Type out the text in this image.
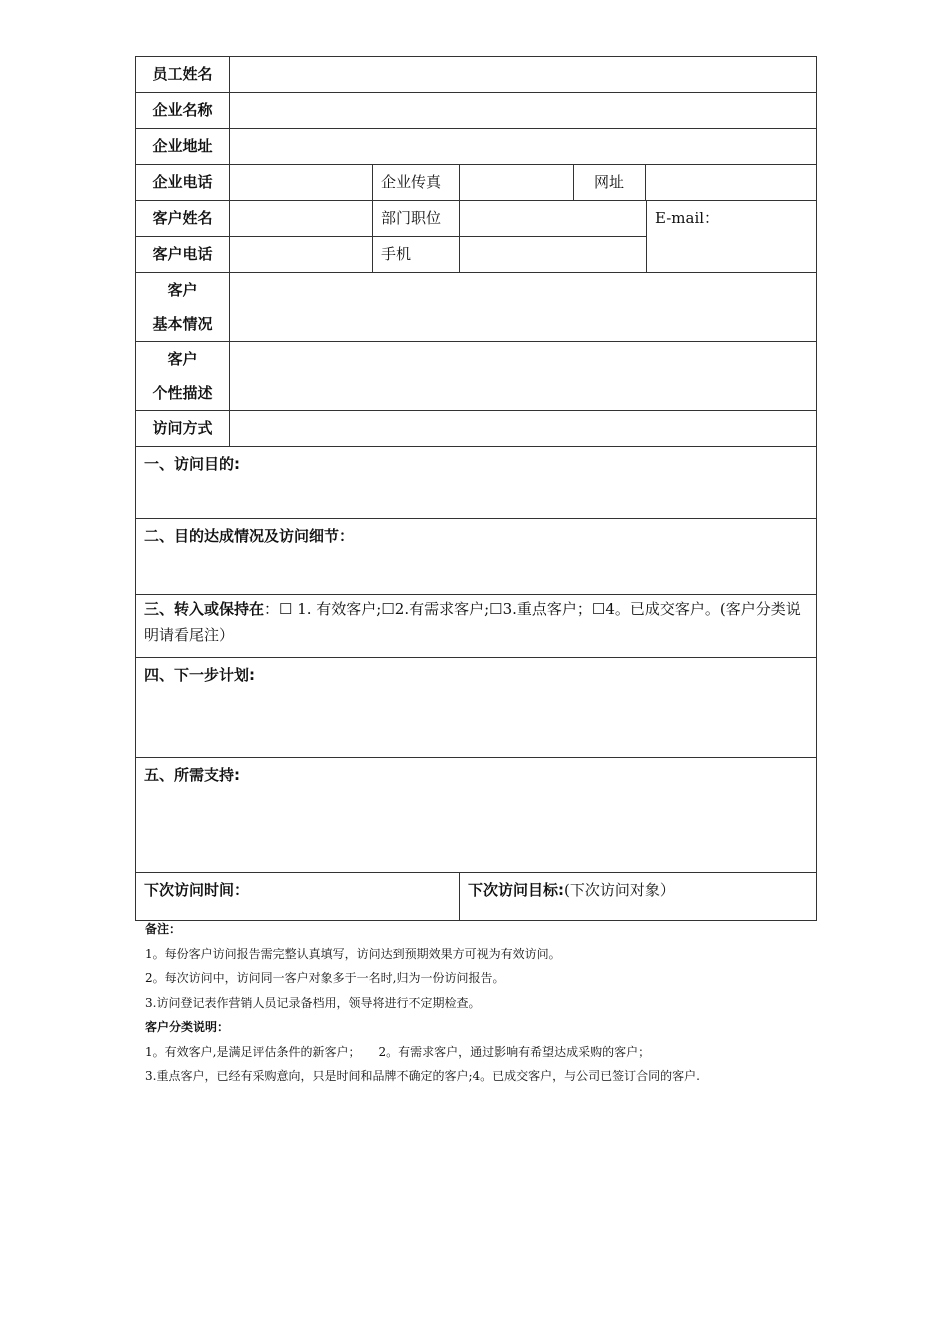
员工姓名					
企业名称					
企业地址					
企业电话		企业传真		网址	
客户姓名		部门职位			E-mail：
客户电话		手机			

客户
基本情况					

客户
个性描述					

访问方式					
一、访问目的:					
二、目的达成情况及访问细节：					
三、转入或保持在：☐ 1. 有效客户;☐2.有需求客户;☐3.重点客户；☐4。已成交客户。(客户分类说明请看尾注）					
四、下一步计划:					
五、所需支持:					
下次访问时间：			下次访问目标:(下次访问对象）		
备注：
1。每份客户访问报告需完整认真填写，访问达到预期效果方可视为有效访问。
2。每次访问中，访问同一客户对象多于一名时,归为一份访问报告。
3.访问登记表作营销人员记录备档用，领导将进行不定期检查。
客户分类说明：
1。有效客户,是满足评估条件的新客户；　　2。有需求客户，通过影响有希望达成采购的客户；
3.重点客户，已经有采购意向，只是时间和品牌不确定的客户;4。已成交客户，与公司已签订合同的客户.
